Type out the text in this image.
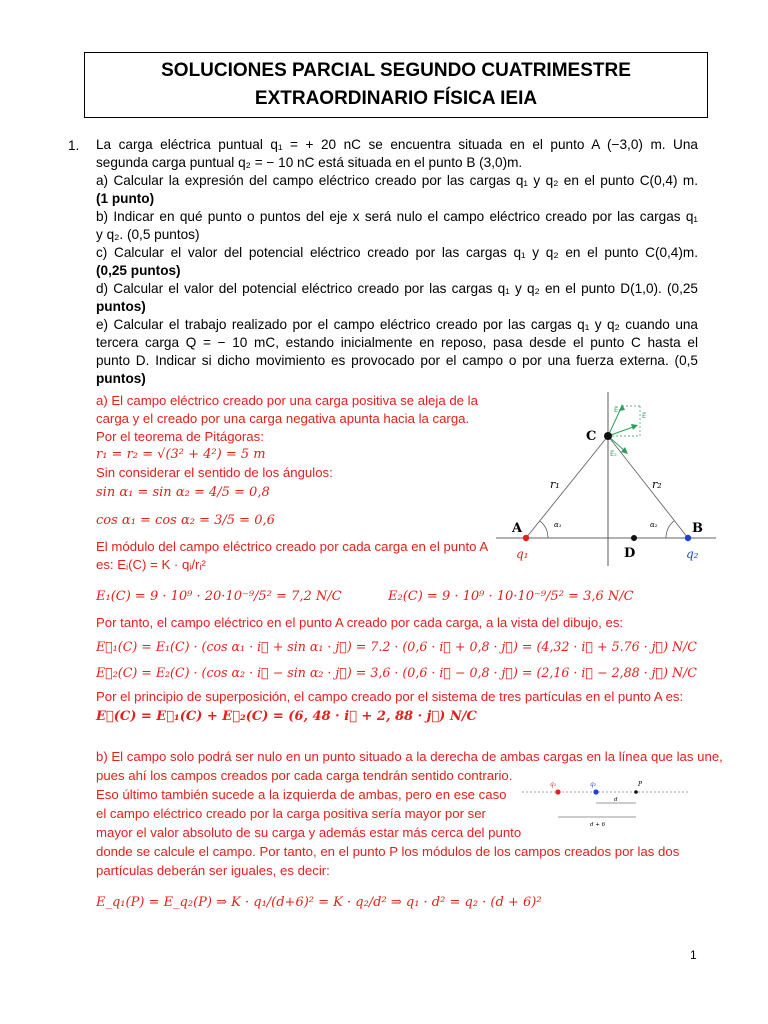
SOLUCIONES PARCIAL SEGUNDO CUATRIMESTRE
EXTRAORDINARIO FÍSICA IEIA
1. La carga eléctrica puntual q₁ = + 20 nC se encuentra situada en el punto A (−3,0) m. Una
segunda carga puntual q₂ = − 10 nC está situada en el punto B (3,0)m.
a) Calcular la expresión del campo eléctrico creado por las cargas q₁ y q₂ en el punto C(0,4) m.
(1 punto)
b) Indicar en qué punto o puntos del eje x será nulo el campo eléctrico creado por las cargas q₁
y q₂. (0,5 puntos)
c) Calcular el valor del potencial eléctrico creado por las cargas q₁ y q₂ en el punto C(0,4)m.
(0,25 puntos)
d) Calcular el valor del potencial eléctrico creado por las cargas q₁ y q₂ en el punto D(1,0). (0,25
puntos)
e) Calcular el trabajo realizado por el campo eléctrico creado por las cargas q₁ y q₂ cuando una
tercera carga Q = − 10 mC, estando inicialmente en reposo, pasa desde el punto C hasta el
punto D. Indicar si dicho movimiento es provocado por el campo o por una fuerza externa. (0,5
puntos)
a) El campo eléctrico creado por una carga positiva se aleja de la
carga y el creado por una carga negativa apunta hacia la carga.
Por el teorema de Pitágoras:
r₁ = r₂ = √(3² + 4²) = 5 m
Sin considerar el sentido de los ángulos:
sin α₁ = sin α₂ = 4/5 = 0,8
cos α₁ = cos α₂ = 3/5 = 0,6
El módulo del campo eléctrico creado por cada carga en el punto A
es: Eᵢ(C) = K · qᵢ/rᵢ²
E₁(C) = 9 · 10⁹ · 20·10⁻⁹/5² = 7,2 N/C	E₂(C) = 9 · 10⁹ · 10·10⁻⁹/5² = 3,6 N/C
Por tanto, el campo eléctrico en el punto A creado por cada carga, a la vista del dibujo, es:
E⃗₁(C) = E₁(C) · (cos α₁ · i⃗ + sin α₁ · j⃗) = 7.2 · (0,6 · i⃗ + 0,8 · j⃗) = (4,32 · i⃗ + 5.76 · j⃗) N/C
E⃗₂(C) = E₂(C) · (cos α₂ · i⃗ − sin α₂ · j⃗) = 3,6 · (0,6 · i⃗ − 0,8 · j⃗) = (2,16 · i⃗ − 2,88 · j⃗) N/C
Por el principio de superposición, el campo creado por el sistema de tres partículas en el punto A es:
E⃗(C) = E⃗₁(C) + E⃗₂(C) = (6, 48 · i⃗ + 2, 88 · j⃗) N/C
b) El campo solo podrá ser nulo en un punto situado a la derecha de ambas cargas en la línea que las une,
pues ahí los campos creados por cada carga tendrán sentido contrario.
Eso último también sucede a la izquierda de ambas, pero en ese caso
el campo eléctrico creado por la carga positiva sería mayor por ser
mayor el valor absoluto de su carga y además estar más cerca del punto
donde se calcule el campo. Por tanto, en el punto P los módulos de los campos creados por las dos
partículas deberán ser iguales, es decir:
E_q₁(P) = E_q₂(P) ⇒ K · q₁/(d+6)² = K · q₂/d² ⇒ q₁ · d² = q₂ · (d + 6)²
C
A	B
D
q₁	q₂
r₁	r₂
α₁	α₂
E⃗₁
E⃗₂
E⃗
q₁	q₂	P
d
d + 6
1
